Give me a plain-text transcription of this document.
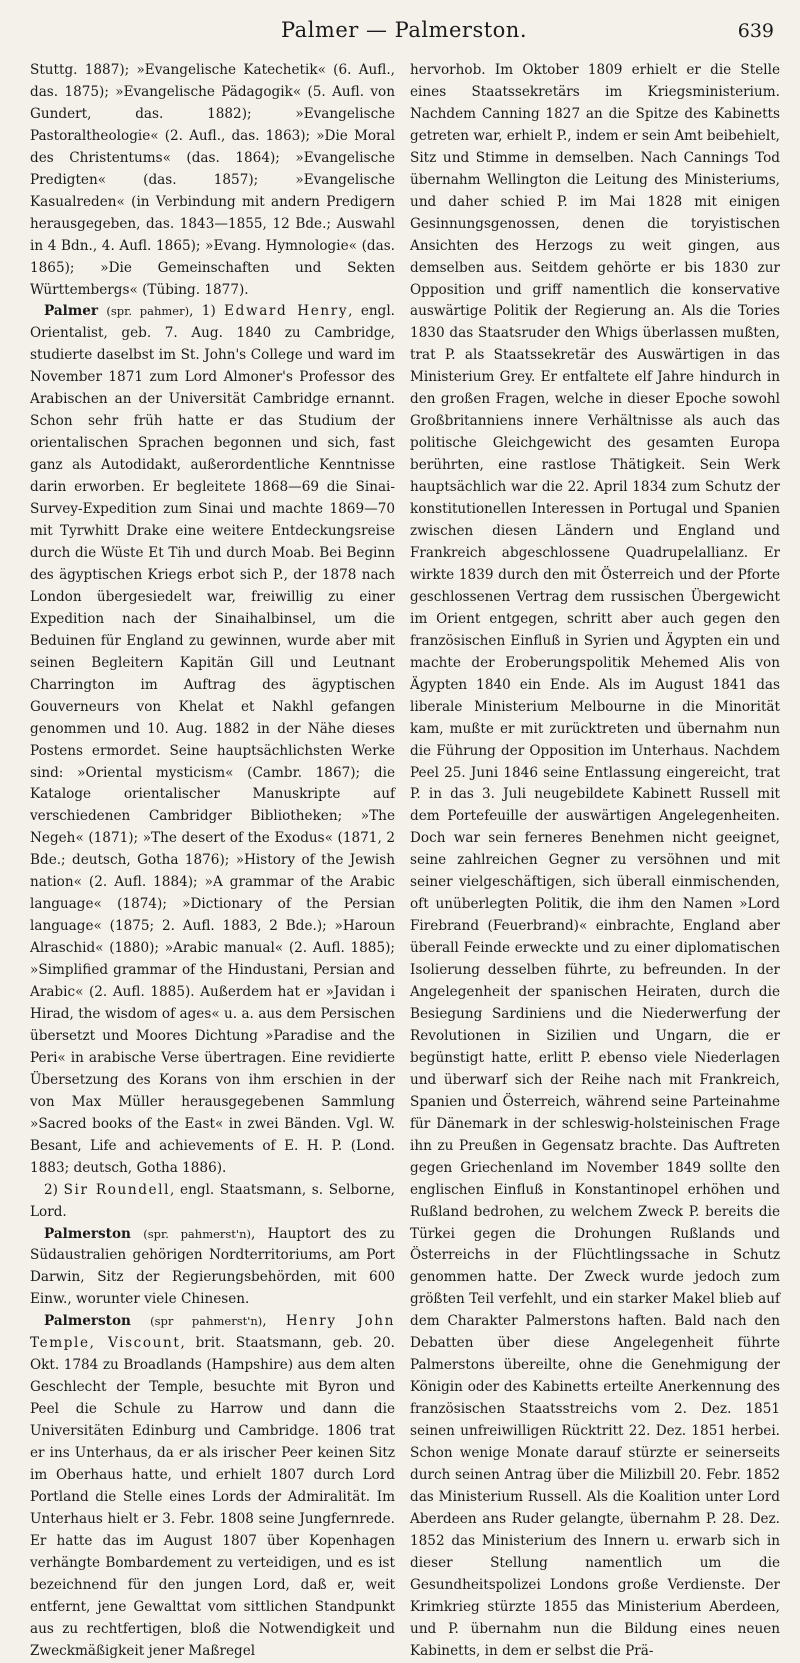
Palmer — Palmerston.	639

Stuttg. 1887); »Evangelische Katechetik« (6. Aufl., das. 1875); »Evangelische Pädagogik« (5. Aufl. von Gundert, das. 1882); »Evangelische Pastoraltheologie« (2. Aufl., das. 1863); »Die Moral des Christentums« (das. 1864); »Evangelische Predigten« (das. 1857); »Evangelische Kasualreden« (in Verbindung mit andern Predigern herausgegeben, das. 1843—1855, 12 Bde.; Auswahl in 4 Bdn., 4. Aufl. 1865); »Evang. Hymnologie« (das. 1865); »Die Gemeinschaften und Sekten Württembergs« (Tübing. 1877).

Palmer (spr. pahmer), 1) Edward Henry, engl. Orientalist, geb. 7. Aug. 1840 zu Cambridge, studierte daselbst im St. John's College und ward im November 1871 zum Lord Almoner's Professor des Arabischen an der Universität Cambridge ernannt. Schon sehr früh hatte er das Studium der orientalischen Sprachen begonnen und sich, fast ganz als Autodidakt, außerordentliche Kenntnisse darin erworben. Er begleitete 1868—69 die Sinai-Survey-Expedition zum Sinai und machte 1869—70 mit Tyrwhitt Drake eine weitere Entdeckungsreise durch die Wüste Et Tih und durch Moab. Bei Beginn des ägyptischen Kriegs erbot sich P., der 1878 nach London übergesiedelt war, freiwillig zu einer Expedition nach der Sinaihalbinsel, um die Beduinen für England zu gewinnen, wurde aber mit seinen Begleitern Kapitän Gill und Leutnant Charrington im Auftrag des ägyptischen Gouverneurs von Khelat et Nakhl gefangen genommen und 10. Aug. 1882 in der Nähe dieses Postens ermordet. Seine hauptsächlichsten Werke sind: »Oriental mysticism« (Cambr. 1867); die Kataloge orientalischer Manuskripte auf verschiedenen Cambridger Bibliotheken; »The Negeh« (1871); »The desert of the Exodus« (1871, 2 Bde.; deutsch, Gotha 1876); »History of the Jewish nation« (2. Aufl. 1884); »A grammar of the Arabic language« (1874); »Dictionary of the Persian language« (1875; 2. Aufl. 1883, 2 Bde.); »Haroun Alraschid« (1880); »Arabic manual« (2. Aufl. 1885); »Simplified grammar of the Hindustani, Persian and Arabic« (2. Aufl. 1885). Außerdem hat er »Javidan i Hirad, the wisdom of ages« u. a. aus dem Persischen übersetzt und Moores Dichtung »Paradise and the Peri« in arabische Verse übertragen. Eine revidierte Übersetzung des Korans von ihm erschien in der von Max Müller herausgegebenen Sammlung »Sacred books of the East« in zwei Bänden. Vgl. W. Besant, Life and achievements of E. H. P. (Lond. 1883; deutsch, Gotha 1886).

2) Sir Roundell, engl. Staatsmann, s. Selborne, Lord.

Palmerston (spr. pahmerst'n), Hauptort des zu Südaustralien gehörigen Nordterritoriums, am Port Darwin, Sitz der Regierungsbehörden, mit 600 Einw., worunter viele Chinesen.

Palmerston (spr pahmerst'n), Henry John Temple, Viscount, brit. Staatsmann, geb. 20. Okt. 1784 zu Broadlands (Hampshire) aus dem alten Geschlecht der Temple, besuchte mit Byron und Peel die Schule zu Harrow und dann die Universitäten Edinburg und Cambridge. 1806 trat er ins Unterhaus, da er als irischer Peer keinen Sitz im Oberhaus hatte, und erhielt 1807 durch Lord Portland die Stelle eines Lords der Admiralität. Im Unterhaus hielt er 3. Febr. 1808 seine Jungfernrede. Er hatte das im August 1807 über Kopenhagen verhängte Bombardement zu verteidigen, und es ist bezeichnend für den jungen Lord, daß er, weit entfernt, jene Gewalttat vom sittlichen Standpunkt aus zu rechtfertigen, bloß die Notwendigkeit und Zweckmäßigkeit jener Maßregel

hervorhob. Im Oktober 1809 erhielt er die Stelle eines Staatssekretärs im Kriegsministerium. Nachdem Canning 1827 an die Spitze des Kabinetts getreten war, erhielt P., indem er sein Amt beibehielt, Sitz und Stimme in demselben. Nach Cannings Tod übernahm Wellington die Leitung des Ministeriums, und daher schied P. im Mai 1828 mit einigen Gesinnungsgenossen, denen die toryistischen Ansichten des Herzogs zu weit gingen, aus demselben aus. Seitdem gehörte er bis 1830 zur Opposition und griff namentlich die konservative auswärtige Politik der Regierung an. Als die Tories 1830 das Staatsruder den Whigs überlassen mußten, trat P. als Staatssekretär des Auswärtigen in das Ministerium Grey. Er entfaltete elf Jahre hindurch in den großen Fragen, welche in dieser Epoche sowohl Großbritanniens innere Verhältnisse als auch das politische Gleichgewicht des gesamten Europa berührten, eine rastlose Thätigkeit. Sein Werk hauptsächlich war die 22. April 1834 zum Schutz der konstitutionellen Interessen in Portugal und Spanien zwischen diesen Ländern und England und Frankreich abgeschlossene Quadrupelallianz. Er wirkte 1839 durch den mit Österreich und der Pforte geschlossenen Vertrag dem russischen Übergewicht im Orient entgegen, schritt aber auch gegen den französischen Einfluß in Syrien und Ägypten ein und machte der Eroberungspolitik Mehemed Alis von Ägypten 1840 ein Ende. Als im August 1841 das liberale Ministerium Melbourne in die Minorität kam, mußte er mit zurücktreten und übernahm nun die Führung der Opposition im Unterhaus. Nachdem Peel 25. Juni 1846 seine Entlassung eingereicht, trat P. in das 3. Juli neugebildete Kabinett Russell mit dem Portefeuille der auswärtigen Angelegenheiten. Doch war sein fernerеs Benehmen nicht geeignet, seine zahlreichen Gegner zu versöhnen und mit seiner vielgeschäftigen, sich überall einmischenden, oft unüberlegten Politik, die ihm den Namen »Lord Firebrand (Feuerbrand)« einbrachte, England aber überall Feinde erweckte und zu einer diplomatischen Isolierung desselben führte, zu befreunden. In der Angelegenheit der spanischen Heiraten, durch die Besiegung Sardiniens und die Niederwerfung der Revolutionen in Sizilien und Ungarn, die er begünstigt hatte, erlitt P. ebenso viele Niederlagen und überwarf sich der Reihe nach mit Frankreich, Spanien und Österreich, während seine Parteinahme für Dänemark in der schleswig-holsteinischen Frage ihn zu Preußen in Gegensatz brachte. Das Auftreten gegen Griechenland im November 1849 sollte den englischen Einfluß in Konstantinopel erhöhen und Rußland bedrohen, zu welchem Zweck P. bereits die Türkei gegen die Drohungen Rußlands und Österreichs in der Flüchtlingssache in Schutz genommen hatte. Der Zweck wurde jedoch zum größten Teil verfehlt, und ein starker Makel blieb auf dem Charakter Palmerstons haften. Bald nach den Debatten über diese Angelegenheit führte Palmerstons übereilte, ohne die Genehmigung der Königin oder des Kabinetts erteilte Anerkennung des französischen Staatsstreichs vom 2. Dez. 1851 seinen unfreiwilligen Rücktritt 22. Dez. 1851 herbei. Schon wenige Monate darauf stürzte er seinerseits durch seinen Antrag über die Milizbill 20. Febr. 1852 das Ministerium Russell. Als die Koalition unter Lord Aberdeen ans Ruder gelangte, übernahm P. 28. Dez. 1852 das Ministerium des Innern u. erwarb sich in dieser Stellung namentlich um die Gesundheitspolizei Londons große Verdienste. Der Krimkrieg stürzte 1855 das Ministerium Aberdeen, und P. übernahm nun die Bildung eines neuen Kabinetts, in dem er selbst die Prä-
